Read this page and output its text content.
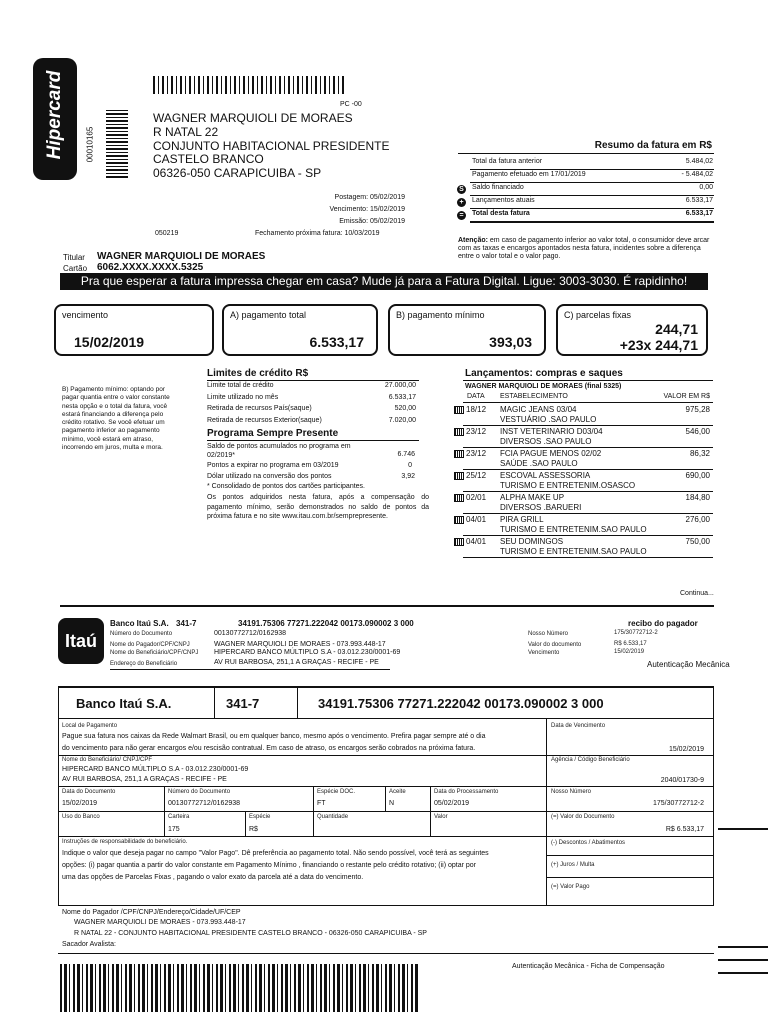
Hipercard	00010165
PC -00
WAGNER MARQUIOLI DE MORAES
R NATAL 22
CONJUNTO HABITACIONAL PRESIDENTE
CASTELO BRANCO
06326-050 CARAPICUIBA - SP
Postagem: 05/02/2019
Vencimento: 15/02/2019
Emissão: 05/02/2019
050219	Fechamento próxima fatura: 10/03/2019
Resumo da fatura em R$
Total da fatura anterior	5.484,02
Pagamento efetuado em 17/01/2019	- 5.484,02
S	Saldo financiado	0,00
+	Lançamentos atuais	6.533,17
=	Total desta fatura	6.533,17
Atenção: em caso de pagamento inferior ao valor total, o consumidor deve arcar com as taxas e encargos apontados nesta fatura, incidentes sobre a diferença entre o valor total e o valor pago.
Titular WAGNER MARQUIOLI DE MORAES
Cartão 6062.XXXX.XXXX.5325
Pra que esperar a fatura impressa chegar em casa? Mude já para a Fatura Digital. Ligue: 3003-3030. É rapidinho!
vencimento
15/02/2019
A) pagamento total
6.533,17
B) pagamento mínimo
393,03
C) parcelas fixas
244,71
+23x 244,71
B) Pagamento mínimo: optando por pagar quantia entre o valor constante nesta opção e o total da fatura, você estará financiando a diferença pelo crédito rotativo. Se você efetuar um pagamento inferior ao pagamento mínimo, você estará em atraso, incorrendo em juros, multa e mora.
Limites de crédito R$
Limite total de crédito	27.000,00
Limite utilizado no mês	6.533,17
Retirada de recursos País(saque)	520,00
Retirada de recursos Exterior(saque)	7.020,00
Programa Sempre Presente
Saldo de pontos acumulados no programa em 02/2019*	6.746
Pontos a expirar no programa em 03/2019	0
Dólar utilizado na conversão dos pontos	3,92
* Consolidado de pontos dos cartões participantes.
Os pontos adquiridos nesta fatura, após a compensação do pagamento mínimo, serão demonstrados no saldo de pontos da próxima fatura e no site www.itau.com.br/semprepresente.
Lançamentos: compras e saques
WAGNER MARQUIOLI DE MORAES (final 5325)
DATA ESTABELECIMENTO	VALOR EM R$
18/12 MAGIC JEANS 03/04
VESTUÁRIO .SAO PAULO
975,28
23/12 INST VETERINARIO D03/04
DIVERSOS .SAO PAULO
546,00
23/12 FCIA PAGUE MENOS 02/02
SAÚDE .SAO PAULO
86,32
25/12 ESCOVAL ASSESSORIA
TURISMO E ENTRETENIM.OSASCO
690,00
02/01 ALPHA MAKE UP
DIVERSOS .BARUERI
184,80
04/01 PIRA GRILL
TURISMO E ENTRETENIM.SAO PAULO
276,00
04/01 SEU DOMINGOS
TURISMO E ENTRETENIM.SAO PAULO
750,00
Continua...
Itaú
Banco Itaú S.A. 341-7	34191.75306 77271.222042 00173.090002 3 000	recibo do pagador
Número do Documento	00130772712/0162938
Nome do Pagador/CPF/CNPJ	WAGNER MARQUIOLI DE MORAES - 073.993.448-17
Nome do Beneficiário/CPF/CNPJ HIPERCARD BANCO MÚLTIPLO S.A - 03.012.230/0001-69
Endereço do Beneficiário	AV RUI BARBOSA, 251,1 A GRAÇAS - RECIFE - PE
Nosso Número	175/30772712-2
Valor do documento	R$ 6.533,17
Vencimento	15/02/2019
Autenticação Mecânica
Banco Itaú S.A.	341-7	34191.75306 77271.222042 00173.090002 3 000
Data de Vencimento
15/02/2019
Local de Pagamento
Pague sua fatura nos caixas da Rede Walmart Brasil, ou em qualquer banco, mesmo após o vencimento. Prefira pagar sempre até o dia
do vencimento para não gerar encargos e/ou rescisão contratual. Em caso de atraso, os encargos serão cobrados na próxima fatura.
Nome do Beneficiário/ CNPJ/CPF
HIPERCARD BANCO MÚLTIPLO S.A - 03.012.230/0001-69
AV RUI BARBOSA, 251,1 A GRAÇAS - RECIFE - PE
Agência / Código Beneficiário
2040/01730-9
Data do Documento
15/02/2019
Número do Documento
00130772712/0162938
Espécie DOC.
FT
Aceite
N
Data do Processamento
05/02/2019
Nosso Número
175/30772712-2
Uso do Banco	Carteira
175
Espécie
R$
Quantidade	Valor	(=) Valor do Documento
R$ 6.533,17
Instruções de responsabilidade do beneficiário.
Indique o valor que deseja pagar no campo "Valor Pago". Dê preferência ao pagamento total. Não sendo possível, você terá as seguintes
opções: (i) pagar quantia a partir do valor constante em Pagamento Mínimo , financiando o restante pelo crédito rotativo; (ii) optar por
uma das opções de Parcelas Fixas , pagando o valor exato da parcela até a data do vencimento.
(-) Descontos / Abatimentos
(+) Juros / Multa
(=) Valor Pago
Nome do Pagador /CPF/CNPJ/Endereço/Cidade/UF/CEP
WAGNER MARQUIOLI DE MORAES - 073.993.448-17
R NATAL 22 - CONJUNTO HABITACIONAL PRESIDENTE CASTELO BRANCO - 06326-050 CARAPICUIBA - SP
Sacador Avalista:
Autenticação Mecânica - Ficha de Compensação
